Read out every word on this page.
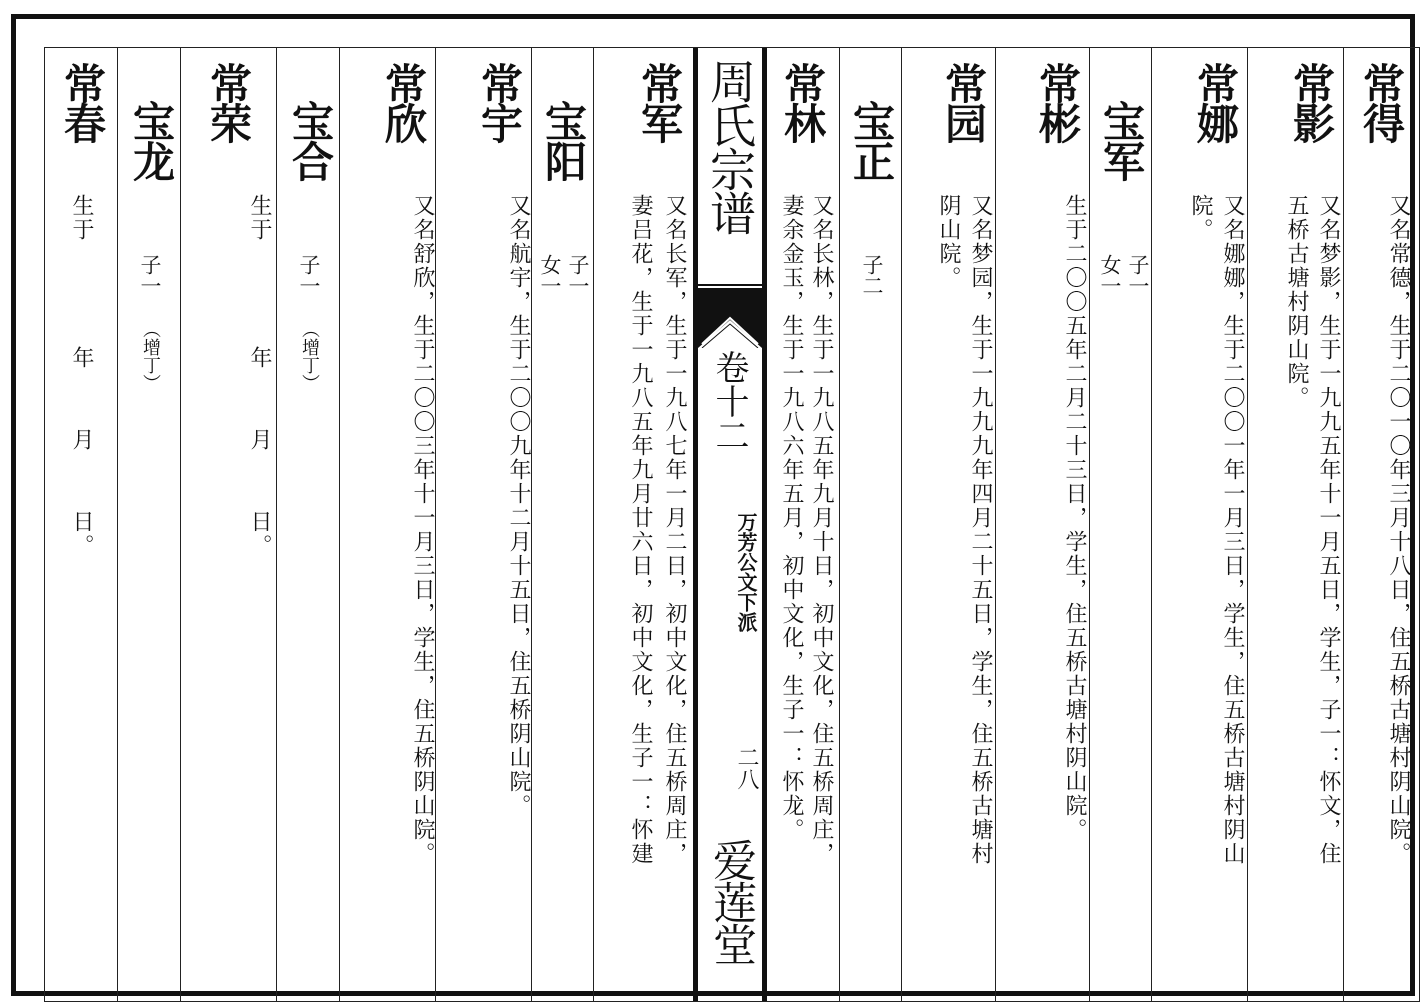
常春
生于
年
月
日。
宝龙
子一
（增丁）
常荣
生于
年
月
日。
宝合
子一
（增丁）
常欣
又名舒欣，生于二〇〇三年十一月三日，学生，住五桥阴山院。
常宇
又名航宇，生于二〇〇九年十二月十五日，住五桥阴山院。
宝阳
子一
女一
常军
又名长军，生于一九八七年一月二日，初中文化，住五桥周庄，
妻吕花，生于一九八五年九月廿六日，初中文化，生子一：怀建
周氏宗谱
卷十二
万芳公文下派
二八
爱莲堂
常林
又名长林，生于一九八五年九月十日，初中文化，住五桥周庄，
妻余金玉，生于一九八六年五月，初中文化，生子一：怀龙。
宝正
子二
常园
又名梦园，生于一九九九年四月二十五日，学生，住五桥古塘村
阴山院。
常彬
生于二〇〇五年二月二十三日，学生，住五桥古塘村阴山院。
宝军
子一
女一
常娜
又名娜娜，生于二〇〇一年一月三日，学生，住五桥古塘村阴山
院。
常影
又名梦影，生于一九九五年十一月五日，学生，子一：怀文，住
五桥古塘村阴山院。
常得
又名常德，生于二〇一〇年三月十八日，住五桥古塘村阴山院。
